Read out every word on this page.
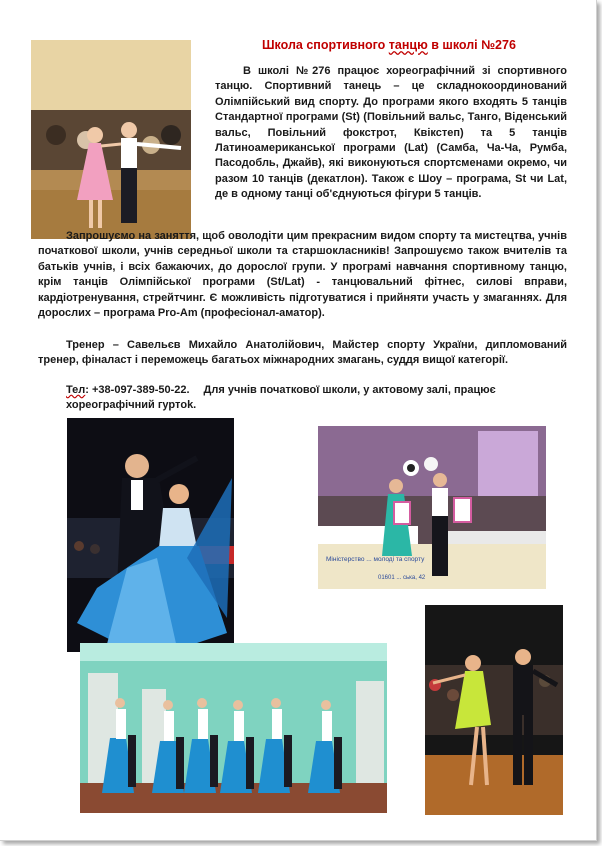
Школа спортивного танцю в школі №276
В школі №276 працює хореографічний зі спортивного танцю. Спортивний танець – це складнокоординований Олімпійський вид спорту. До програми якого входять 5 танців Стандартної програми (St) (Повільний вальс, Танго, Віденський вальс, Повільний фокстрот, Квікстеп) та 5 танців Латиноамериканської програми (Lat) (Самба, Ча-Ча, Румба, Пасодобль, Джайв), які виконуються спортсменами окремо, чи разом 10 танців (декатлон). Також є Шоу – програма, St чи Lat, де в одному танці об'єднуються фігури 5 танців.
Запрошуємо на заняття, щоб оволодіти цим прекрасним видом спорту та мистецтва, учнів початкової школи, учнів середньої школи та старшокласників! Запрошуємо також вчителів та батьків учнів, і всіх бажаючих, до дорослої групи. У програмі навчання спортивному танцю, крім танців Олімпійської програми (St/Lat) - танцювальний фітнес, силові вправи, кардіотренування, стрейтчинг. Є можливість підготуватися і прийняти участь у змаганнях. Для дорослих – програма Pro-Am (професіонал-аматор).
Тренер – Савельєв Михайло Анатолійович, Майстер спорту України, дипломований тренер, фіналаст і переможець багатьох міжнародних змагань, суддя вищої категорії.
Тел: +38-097-389-50-22. Для учнів початкової школи, у актовому залі, працює хореографічний гуртok.
Міністерство ... молоді та спорту
01601 ... ська, 42
